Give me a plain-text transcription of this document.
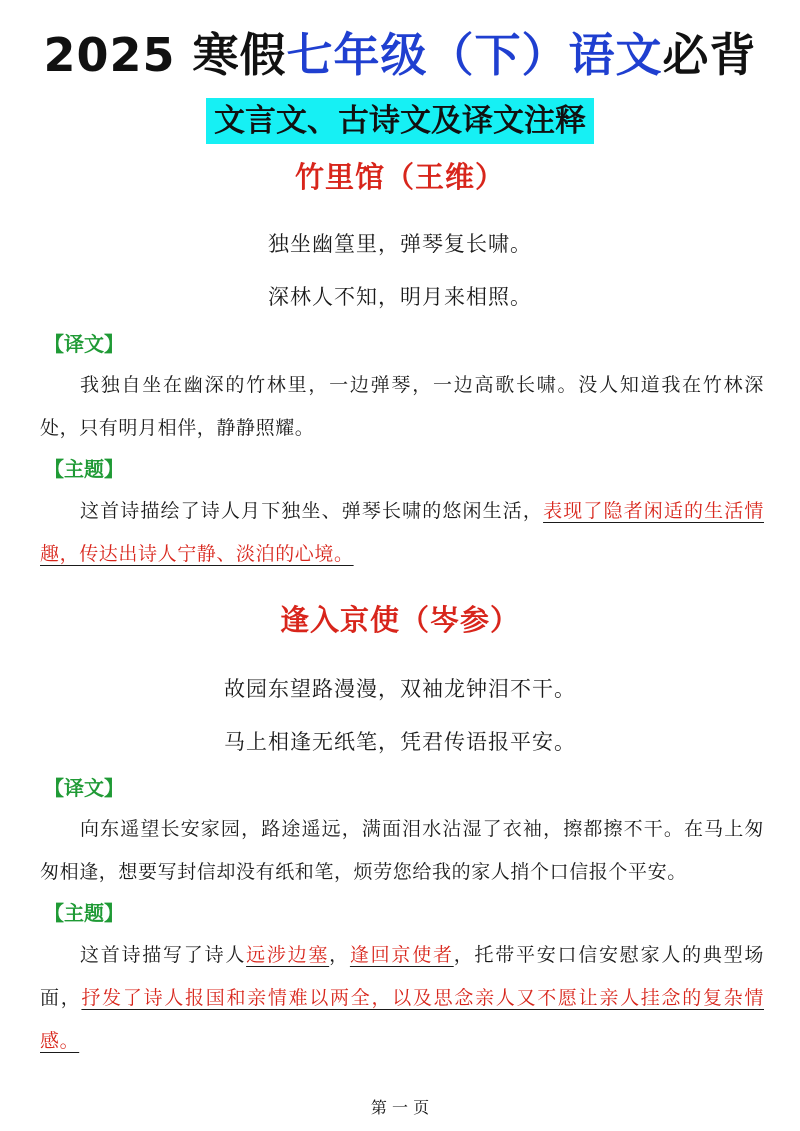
2025 寒假七年级（下）语文必背
文言文、古诗文及译文注释
竹里馆（王维）
独坐幽篁里，弹琴复长啸。
深林人不知，明月来相照。
【译文】
我独自坐在幽深的竹林里，一边弹琴，一边高歌长啸。没人知道我在竹林深处，只有明月相伴，静静照耀。
【主题】
这首诗描绘了诗人月下独坐、弹琴长啸的悠闲生活，表现了隐者闲适的生活情趣，传达出诗人宁静、淡泊的心境。
逢入京使（岑参）
故园东望路漫漫，双袖龙钟泪不干。
马上相逢无纸笔，凭君传语报平安。
【译文】
向东遥望长安家园，路途遥远，满面泪水沾湿了衣袖，擦都擦不干。在马上匆匆相逢，想要写封信却没有纸和笔，烦劳您给我的家人捎个口信报个平安。
【主题】
这首诗描写了诗人远涉边塞，逢回京使者，托带平安口信安慰家人的典型场面，抒发了诗人报国和亲情难以两全，以及思念亲人又不愿让亲人挂念的复杂情感。
第 一 页
